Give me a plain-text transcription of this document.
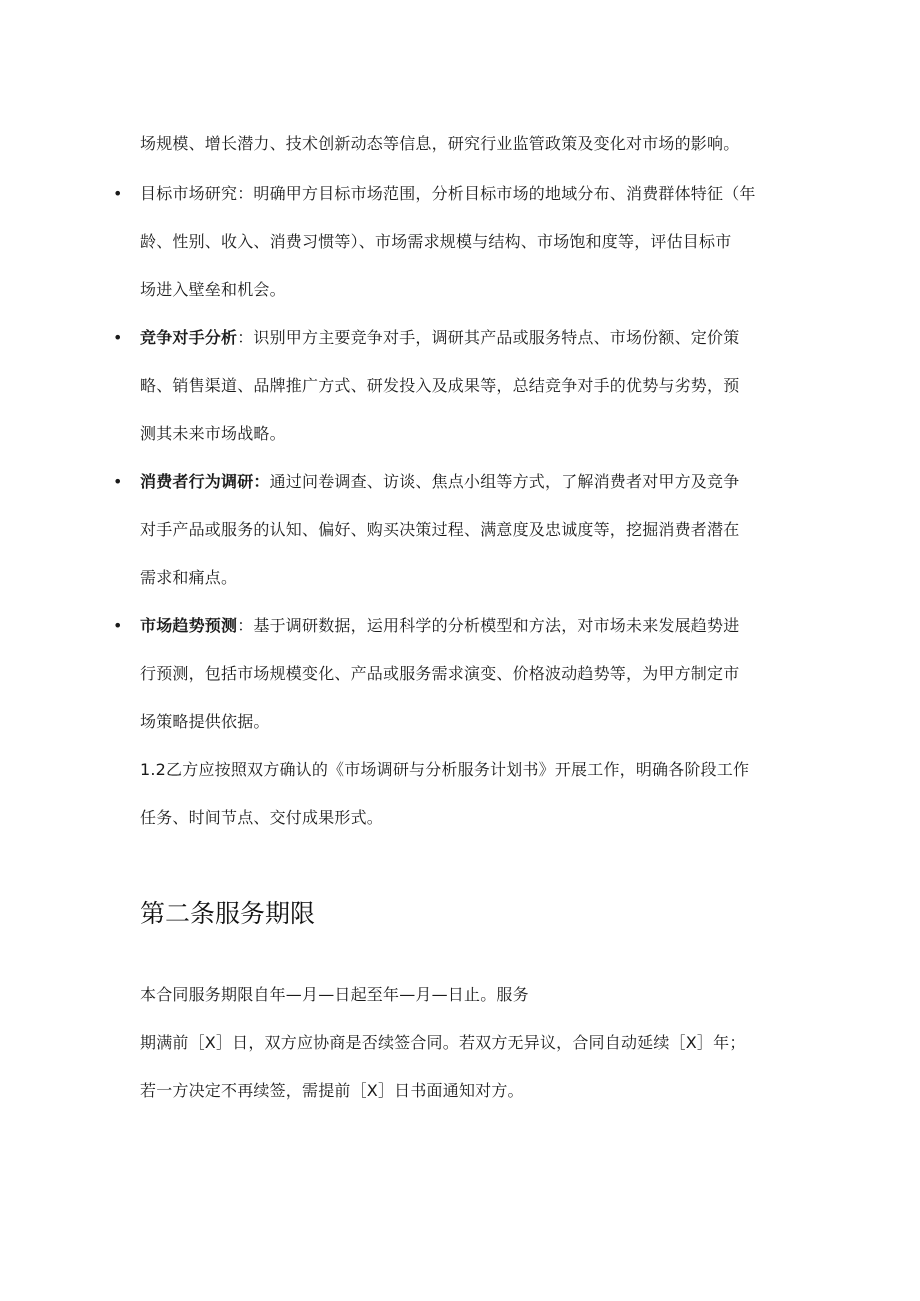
场规模、增长潜力、技术创新动态等信息，研究行业监管政策及变化对市场的影响。
• 目标市场研究：明确甲方目标市场范围，分析目标市场的地域分布、消费群体特征（年
龄、性别、收入、消费习惯等）、市场需求规模与结构、市场饱和度等，评估目标市
场进入壁垒和机会。
• 竞争对手分析：识别甲方主要竞争对手，调研其产品或服务特点、市场份额、定价策
略、销售渠道、品牌推广方式、研发投入及成果等，总结竞争对手的优势与劣势，预
测其未来市场战略。
• 消费者行为调研：通过问卷调查、访谈、焦点小组等方式，了解消费者对甲方及竞争
对手产品或服务的认知、偏好、购买决策过程、满意度及忠诚度等，挖掘消费者潜在
需求和痛点。
• 市场趋势预测：基于调研数据，运用科学的分析模型和方法，对市场未来发展趋势进
行预测，包括市场规模变化、产品或服务需求演变、价格波动趋势等，为甲方制定市
场策略提供依据。
1.2乙方应按照双方确认的《市场调研与分析服务计划书》开展工作，明确各阶段工作
任务、时间节点、交付成果形式。
第二条服务期限
本合同服务期限自年—月—日起至年—月—日止。服务
期满前［X］日，双方应协商是否续签合同。若双方无异议，合同自动延续［X］年；
若一方决定不再续签，需提前［X］日书面通知对方。
